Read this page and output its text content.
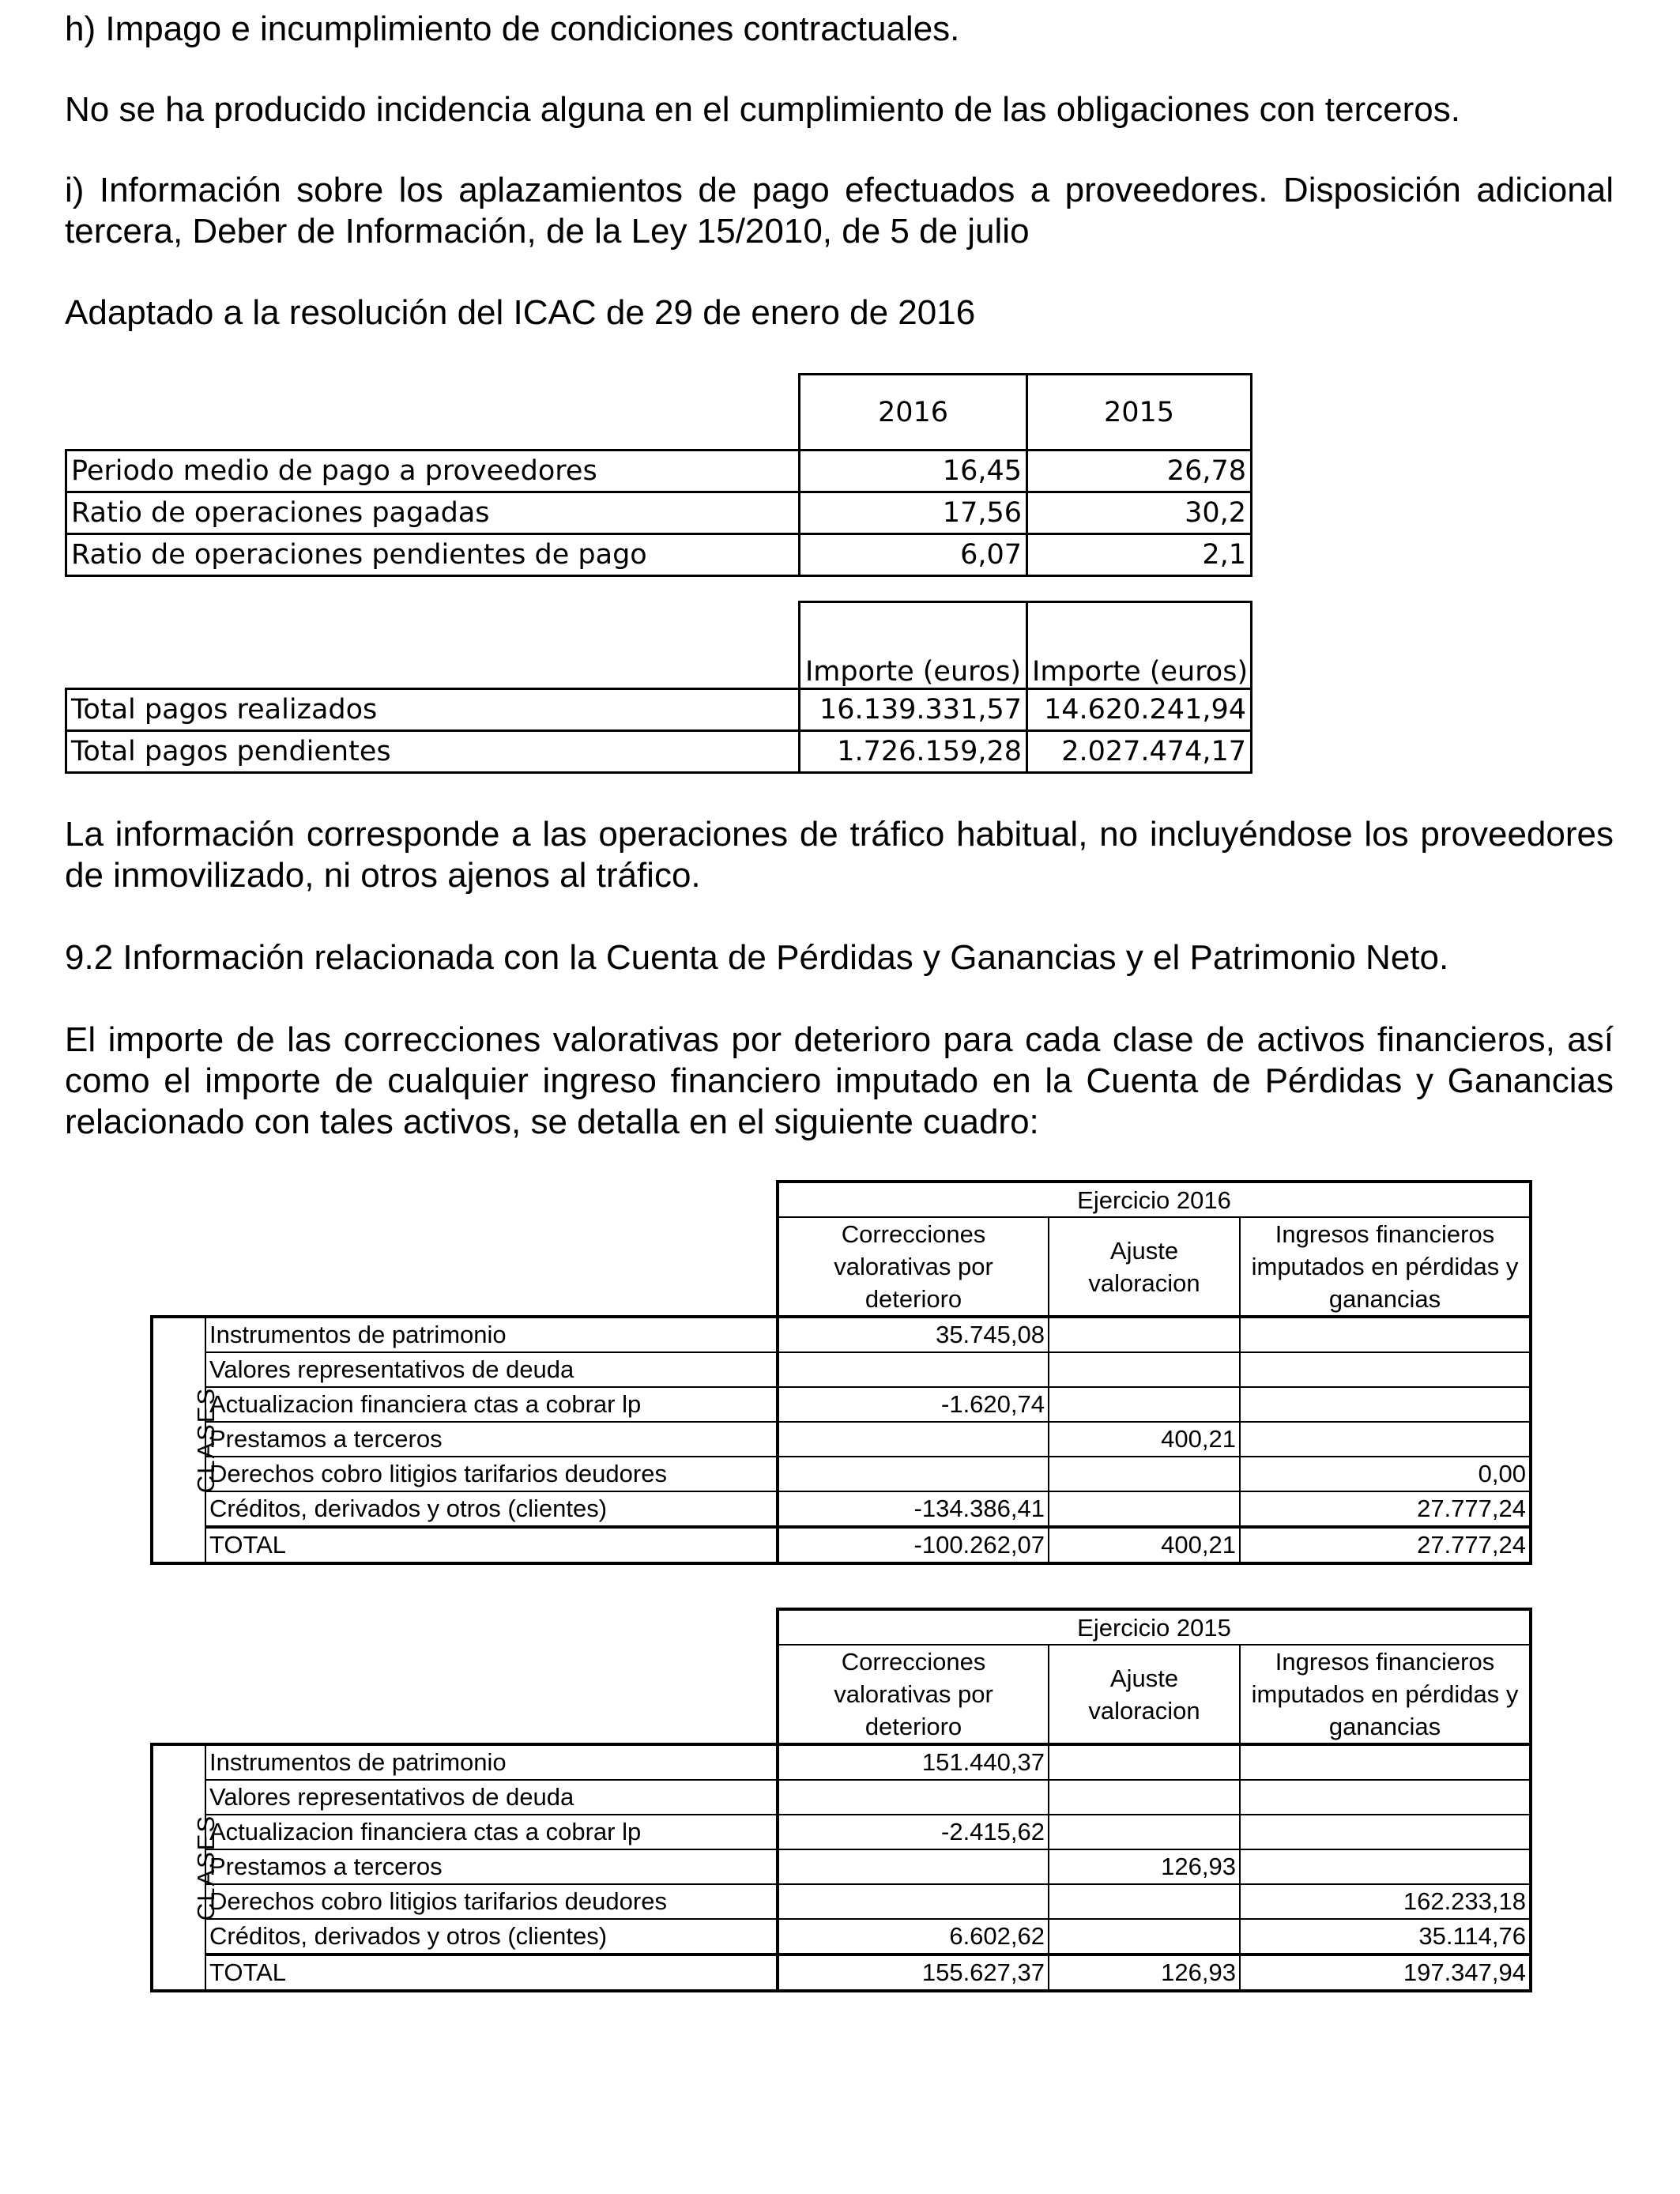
h) Impago e incumplimiento de condiciones contractuales.

No se ha producido incidencia alguna en el cumplimiento de las obligaciones con terceros.

i) Información sobre los aplazamientos de pago efectuados a proveedores. Disposición adicional tercera, Deber de Información, de la Ley 15/2010, de 5 de julio

Adaptado a la resolución del ICAC de 29 de enero de 2016

	2016	2015
Periodo medio de pago a proveedores	16,45	26,78
Ratio de operaciones pagadas	17,56	30,2
Ratio de operaciones pendientes de pago	6,07	2,1
	Importe (euros)	Importe (euros)
Total pagos realizados	16.139.331,57	14.620.241,94
Total pagos pendientes	1.726.159,28	2.027.474,17

La información corresponde a las operaciones de tráfico habitual, no incluyéndose los proveedores de inmovilizado, ni otros ajenos al tráfico.

9.2 Información relacionada con la Cuenta de Pérdidas y Ganancias y el Patrimonio Neto.

El importe de las correcciones valorativas por deterioro para cada clase de activos financieros, así como el importe de cualquier ingreso financiero imputado en la Cuenta de Pérdidas y Ganancias relacionado con tales activos, se detalla en el siguiente cuadro:

		Ejercicio 2016		
		Correcciones valorativas por deterioro	Ajuste valoracion	Ingresos financieros imputados en pérdidas y ganancias
CLASES	Instrumentos de patrimonio	35.745,08		
	Valores representativos de deuda			
	Actualizacion financiera ctas a cobrar lp	-1.620,74		
	Prestamos a terceros		400,21	
	Derechos cobro litigios tarifarios deudores			0,00
	Créditos, derivados y otros (clientes)	-134.386,41		27.777,24
	TOTAL	-100.262,07	400,21	27.777,24
		Ejercicio 2015		
		Correcciones valorativas por deterioro	Ajuste valoracion	Ingresos financieros imputados en pérdidas y ganancias
CLASES	Instrumentos de patrimonio	151.440,37		
	Valores representativos de deuda			
	Actualizacion financiera ctas a cobrar lp	-2.415,62		
	Prestamos a terceros		126,93	
	Derechos cobro litigios tarifarios deudores			162.233,18
	Créditos, derivados y otros (clientes)	6.602,62		35.114,76
	TOTAL	155.627,37	126,93	197.347,94
